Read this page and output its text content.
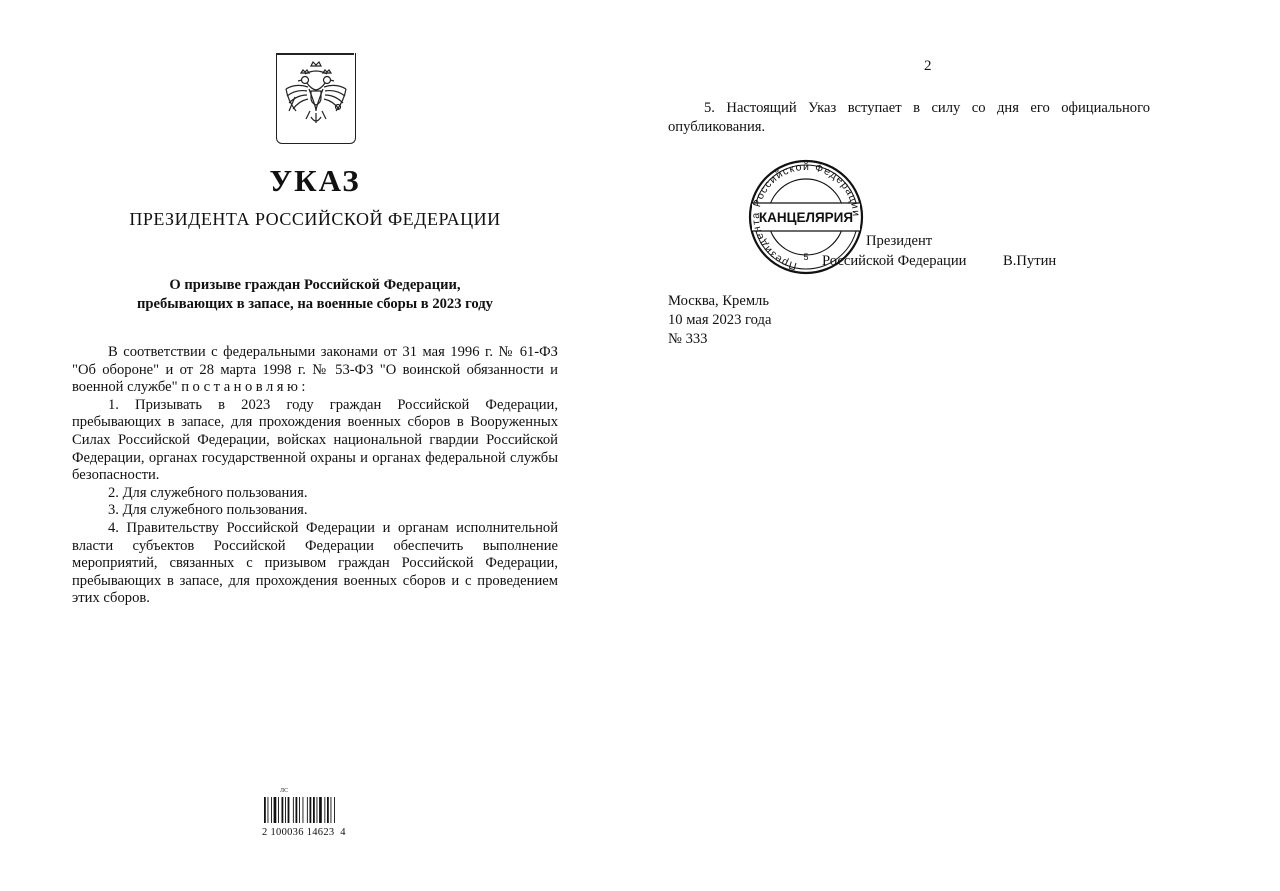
УКАЗ
ПРЕЗИДЕНТА РОССИЙСКОЙ ФЕДЕРАЦИИ
О призыве граждан Российской Федерации,
пребывающих в запасе, на военные сборы в 2023 году

В соответствии с федеральными законами от 31 мая 1996 г. № 61-ФЗ "Об обороне" и от 28 марта 1998 г. № 53-ФЗ "О воинской обязанности и военной службе" постановляю:

1. Призывать в 2023 году граждан Российской Федерации, пребывающих в запасе, для прохождения военных сборов в Вооруженных Силах Российской Федерации, войсках национальной гвардии Российской Федерации, органах государственной охраны и органах федеральной службы безопасности.

2. Для служебного пользования.

3. Для служебного пользования.

4. Правительству Российской Федерации и органам исполнительной власти субъектов Российской Федерации обеспечить выполнение мероприятий, связанных с призывом граждан Российской Федерации, пребывающих в запасе, для прохождения военных сборов и с проведением этих сборов.

ЛС
2 100036 14623  4
2

5. Настоящий Указ вступает в силу со дня его официального опубликования.

Президент
Российской Федерации	В.Путин
Президента Российской Федерации
КАНЦЕЛЯРИЯ
5
Москва, Кремль
10 мая 2023 года
№ 333
